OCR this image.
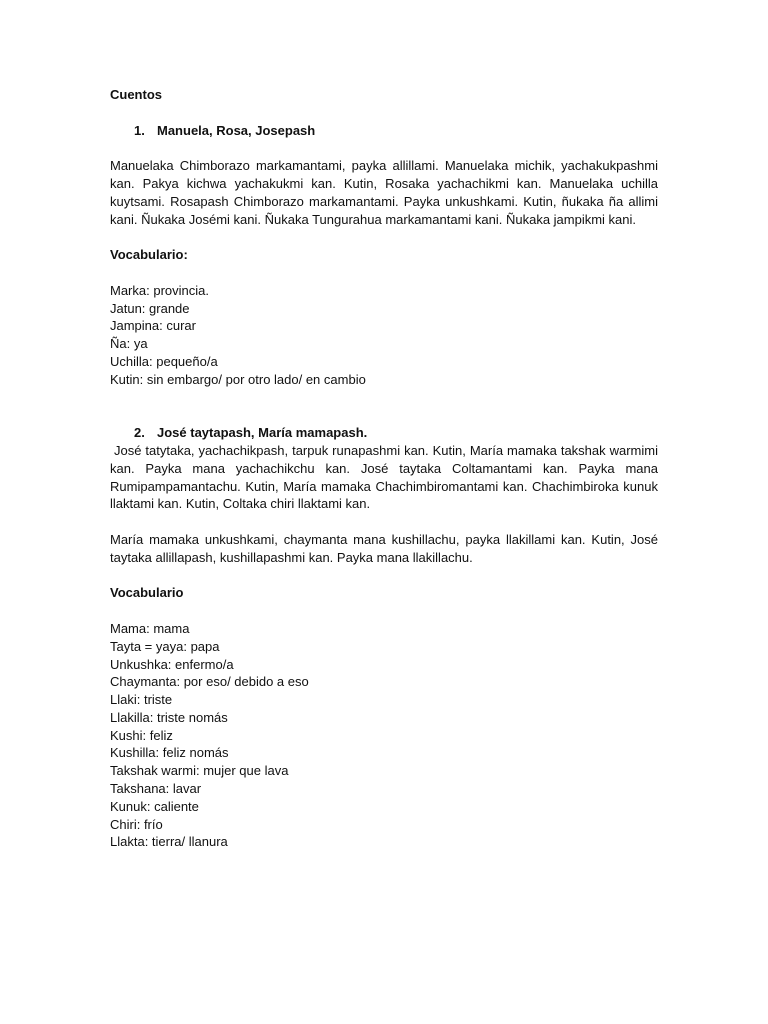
Cuentos
1. Manuela, Rosa, Josepash

Manuelaka Chimborazo markamantami, payka allillami. Manuelaka michik, yachakukpashmi kan. Pakya kichwa yachakukmi kan. Kutin, Rosaka yachachikmi kan. Manuelaka uchilla kuytsami. Rosapash Chimborazo markamantami. Payka unkushkami. Kutin, ñukaka ña allimi kani. Ñukaka Josémi kani. Ñukaka Tungurahua markamantami kani. Ñukaka jampikmi kani.

Vocabulario:
Marka: provincia.
Jatun: grande
Jampina: curar
Ña: ya
Uchilla: pequeño/a
Kutin: sin embargo/ por otro lado/ en cambio
2. José taytapash, María mamapash.

José tatytaka, yachachikpash, tarpuk runapashmi kan. Kutin, María mamaka takshak warmimi kan. Payka mana yachachikchu kan. José taytaka Coltamantami kan. Payka mana Rumipampamantachu. Kutin, María mamaka Chachimbiromantami kan. Chachimbiroka kunuk llaktami kan. Kutin, Coltaka chiri llaktami kan.

María mamaka unkushkami, chaymanta mana kushillachu, payka llakillami kan. Kutin, José taytaka allillapash, kushillapashmi kan. Payka mana llakillachu.

Vocabulario
Mama: mama
Tayta = yaya: papa
Unkushka: enfermo/a
Chaymanta: por eso/ debido a eso
Llaki: triste
Llakilla: triste nomás
Kushi: feliz
Kushilla: feliz nomás
Takshak warmi: mujer que lava
Takshana: lavar
Kunuk: caliente
Chiri: frío
Llakta: tierra/ llanura
